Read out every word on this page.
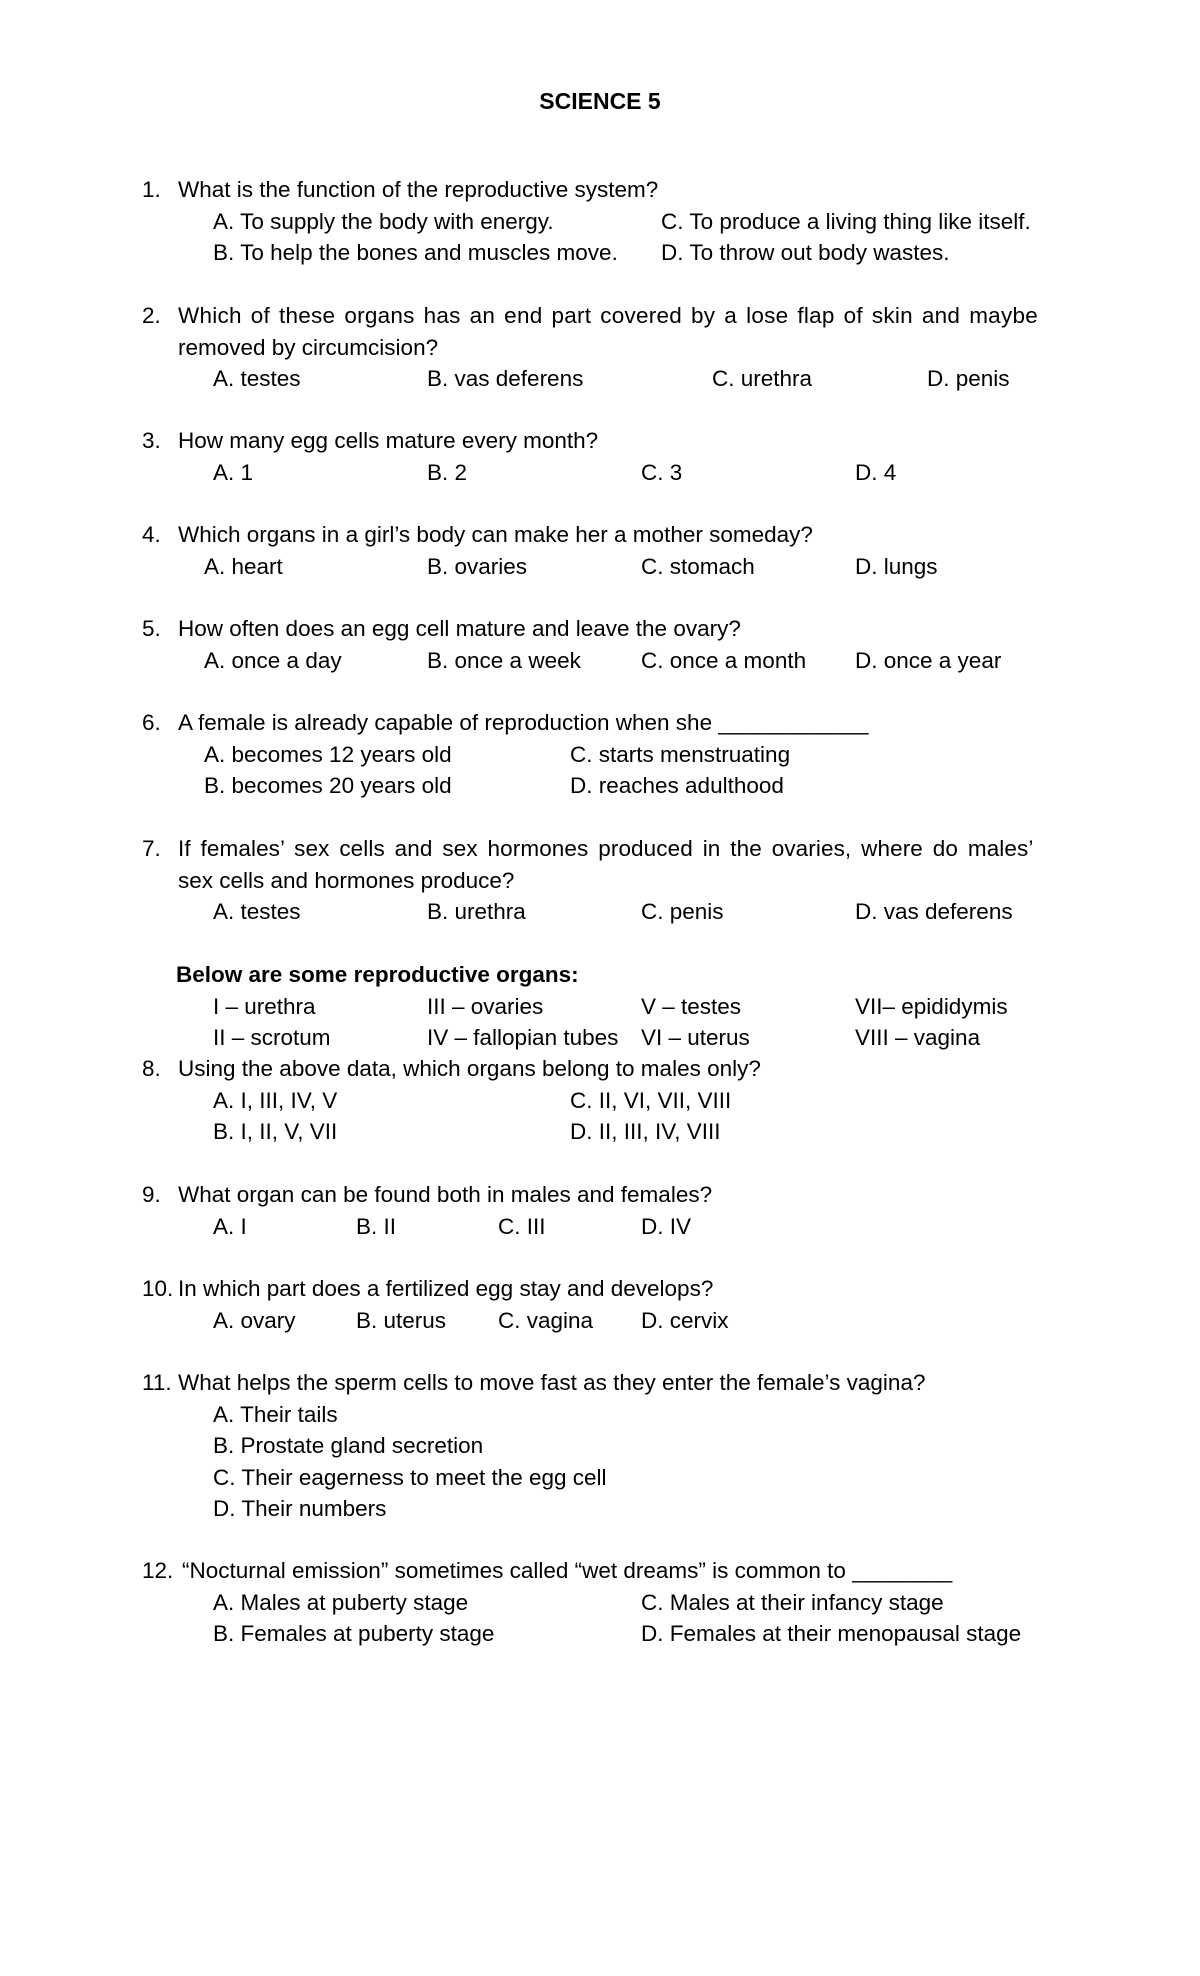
SCIENCE 5
1. What is the function of the reproductive system?
A. To supply the body with energy.	C. To produce a living thing like itself.
B. To help the bones and muscles move. D. To throw out body wastes.
2. Which of these organs has an end part covered by a lose flap of skin and maybe
removed by circumcision?
A. testes	B. vas deferens	C. urethra	D. penis
3. How many egg cells mature every month?
A. 1	B. 2	C. 3	D. 4
4. Which organs in a girl’s body can make her a mother someday?
A. heart	B. ovaries	C. stomach	D. lungs
5. How often does an egg cell mature and leave the ovary?
A. once a day	B. once a week	C. once a month D. once a year
6. A female is already capable of reproduction when she ____________
A. becomes 12 years old	C. starts menstruating
B. becomes 20 years old	D. reaches adulthood
7. If females’ sex cells and sex hormones produced in the ovaries, where do males’
sex cells and hormones produce?
A. testes	B. urethra	C. penis	D. vas deferens
Below are some reproductive organs:
I – urethra	III – ovaries	V – testes	VII– epididymis
II – scrotum	IV – fallopian tubes VI – uterus	VIII – vagina
8. Using the above data, which organs belong to males only?
A. I, III, IV, V	C. II, VI, VII, VIII
B. I, II, V, VII	D. II, III, IV, VIII
9. What organ can be found both in males and females?
A. I	B. II	C. III	D. IV
10. In which part does a fertilized egg stay and develops?
A. ovary	B. uterus C. vagina D. cervix
11. What helps the sperm cells to move fast as they enter the female’s vagina?
A. Their tails
B. Prostate gland secretion
C. Their eagerness to meet the egg cell
D. Their numbers
12. “Nocturnal emission” sometimes called “wet dreams” is common to ________
A. Males at puberty stage	C. Males at their infancy stage
B. Females at puberty stage	D. Females at their menopausal stage
